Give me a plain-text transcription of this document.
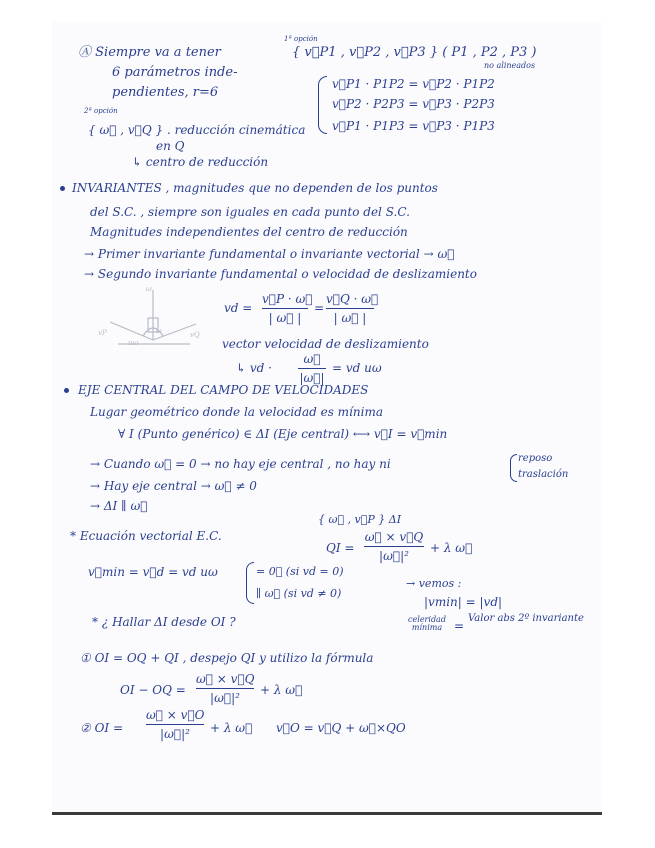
Ⓐ Siempre va a tener
6 parámetros inde-
pendientes, r=6
1ª opción
{ v⃗P1 , v⃗P2 , v⃗P3 } ( P1 , P2 , P3 )
no alineados
v⃗P1 · P1P2 = v⃗P2 · P1P2
v⃗P2 · P2P3 = v⃗P3 · P2P3
v⃗P1 · P1P3 = v⃗P3 · P1P3
2ª opción
{ ω⃗ , v⃗Q } . reducción cinemática
en Q
↳ centro de reducción
INVARIANTES , magnitudes que no dependen de los puntos
del S.C. , siempre son iguales en cada punto del S.C.
Magnitudes independientes del centro de reducción
→ Primer invariante fundamental o invariante vectorial → ω⃗
→ Segundo invariante fundamental o velocidad de deslizamiento
ω
vP	vQ
ω
uω
vd =
v⃗P · ω⃗
| ω⃗ |
=
v⃗Q · ω⃗
| ω⃗ |
vector velocidad de deslizamiento
↳ vd ·
ω⃗
|ω⃗|
= vd uω
EJE CENTRAL DEL CAMPO DE VELOCIDADES
Lugar geométrico donde la velocidad es mínima
∀ I (Punto genérico) ∈ ΔI (Eje central) ⟷ v⃗I = v⃗min
→ Cuando ω⃗ = 0 → no hay eje central , no hay ni	reposo
traslación
→ Hay eje central → ω⃗ ≠ 0
→ ΔI ∥ ω⃗
{ ω⃗ , v⃗P } ΔI
* Ecuación vectorial E.C.
QI =
ω⃗ × v⃗Q
|ω⃗|²
+ λ ω⃗
v⃗min = v⃗d = vd uω	= 0⃗ (si vd = 0)
∥ ω⃗ (si vd ≠ 0)
→ vemos :
|vmin| = |vd|
* ¿ Hallar ΔI desde OI ?	celeridad mínima =
Valor abs 2º invariante
① OI = OQ + QI , despejo QI y utilizo la fórmula
OI − OQ =
ω⃗ × v⃗Q
|ω⃗|²
+ λ ω⃗
② OI =
ω⃗ × v⃗O
|ω⃗|²	+ λ ω⃗ v⃗O = v⃗Q + ω⃗×QO
